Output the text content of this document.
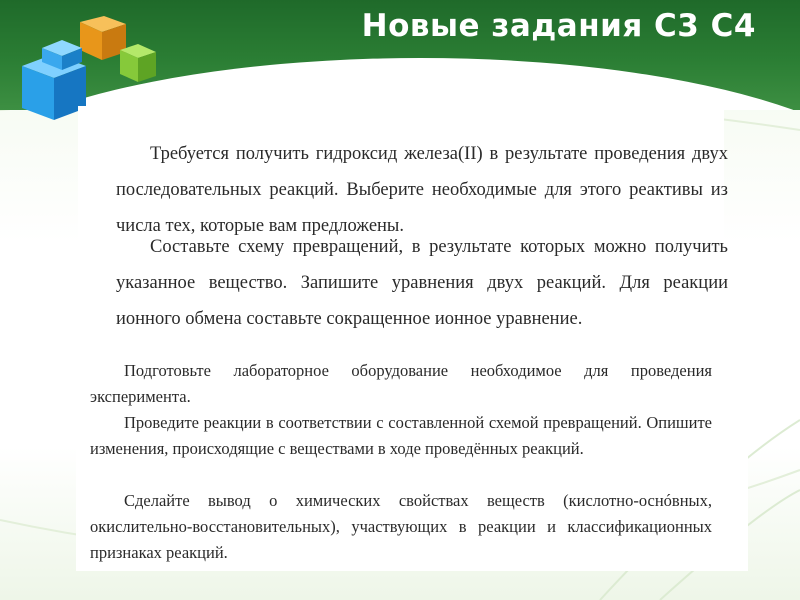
Новые задания С3 С4

Требуется получить гидроксид железа(II) в результате проведения двух последовательных реакций. Выберите необходимые для этого реактивы из числа тех, которые вам предложены.

Составьте схему превращений, в результате которых можно получить указанное вещество. Запишите уравнения двух реакций. Для реакции ионного обмена составьте сокращенное ионное уравнение.

Подготовьте лабораторное оборудование необходимое для проведения эксперимента.

Проведите реакции в соответствии с составленной схемой превращений. Опишите изменения, происходящие с веществами в ходе проведённых реакций.

Сделайте вывод о химических свойствах веществ (кислотно-оснóвных, окислительно-восстановительных), участвующих в реакции и классификационных признаках реакций.
